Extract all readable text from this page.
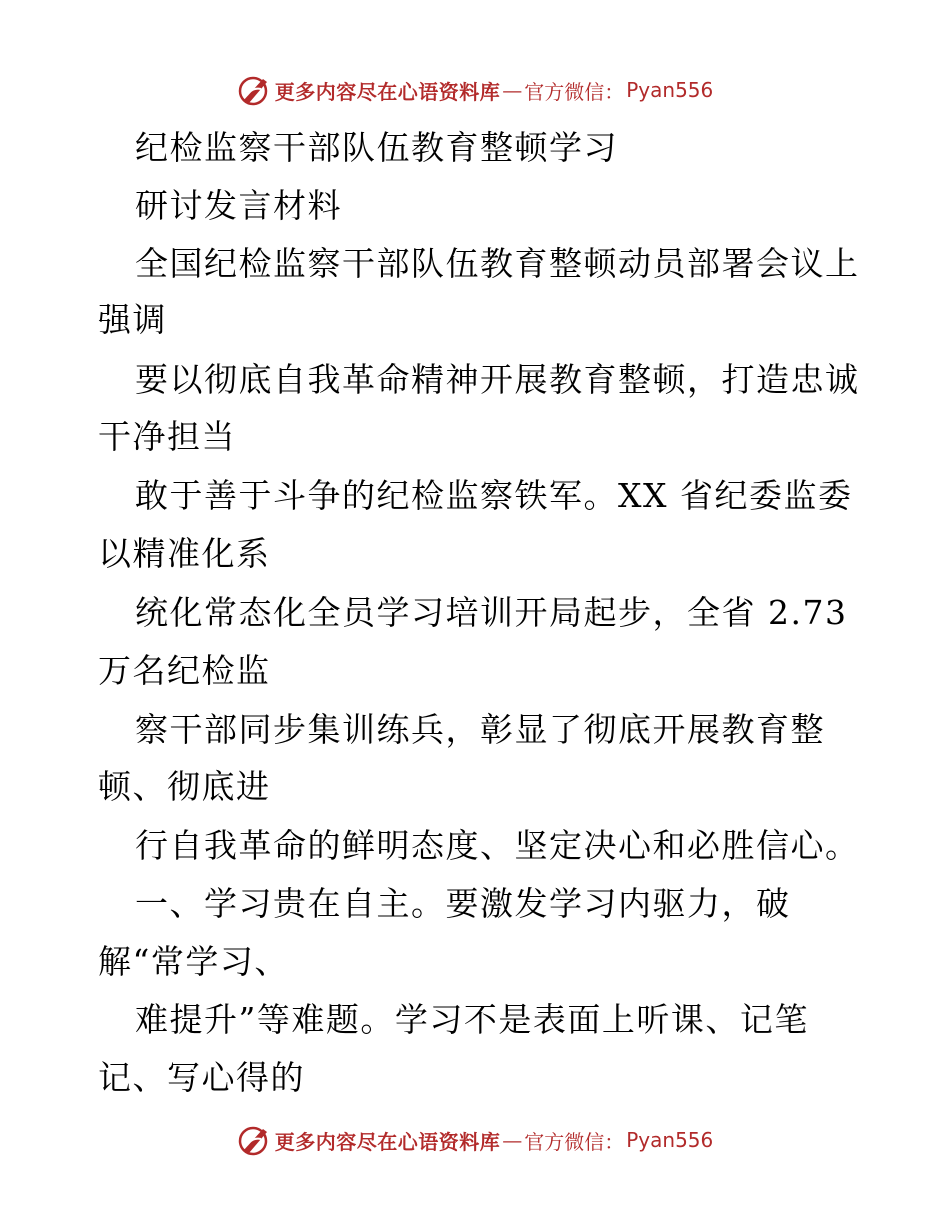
更多内容尽在心语资料库 — 官方微信： Pyan556
纪检监察干部队伍教育整顿学习
研讨发言材料
全国纪检监察干部队伍教育整顿动员部署会议上
强调
要以彻底自我革命精神开展教育整顿，打造忠诚
干净担当
敢于善于斗争的纪检监察铁军。XX 省纪委监委
以精准化系
统化常态化全员学习培训开局起步，全省 2.73
万名纪检监
察干部同步集训练兵，彰显了彻底开展教育整
顿、彻底进
行自我革命的鲜明态度、坚定决心和必胜信心。
一、学习贵在自主。要激发学习内驱力，破
解“常学习、
难提升”等难题。学习不是表面上听课、记笔
记、写心得的
更多内容尽在心语资料库 — 官方微信： Pyan556
